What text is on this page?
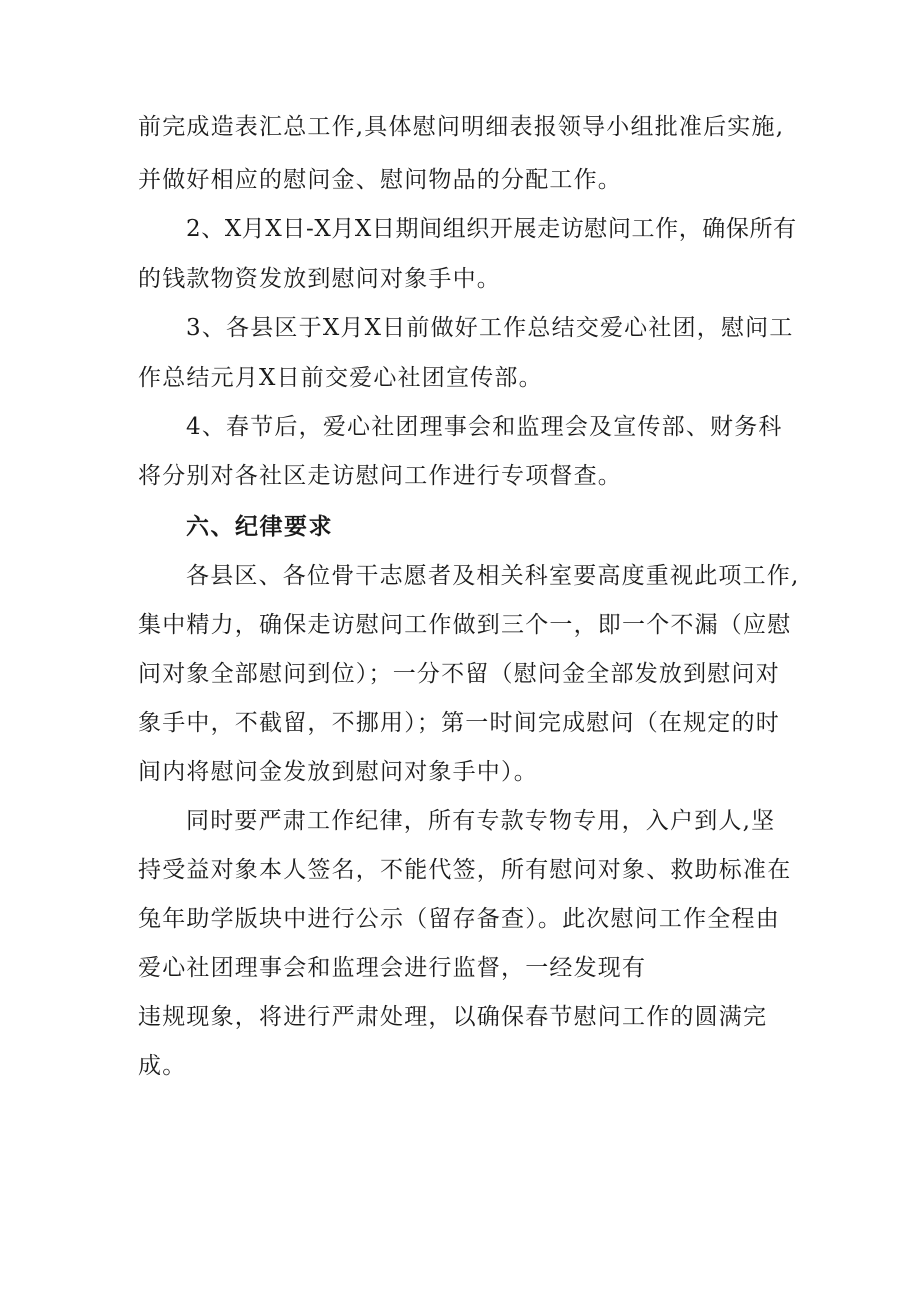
前完成造表汇总工作,具体慰问明细表报领导小组批准后实施,
并做好相应的慰问金、慰问物品的分配工作。
2、X月X日-X月X日期间组织开展走访慰问工作，确保所有
的钱款物资发放到慰问对象手中。
3、各县区于X月X日前做好工作总结交爱心社团，慰问工
作总结元月X日前交爱心社团宣传部。
4、春节后，爱心社团理事会和监理会及宣传部、财务科
将分别对各社区走访慰问工作进行专项督查。
六、纪律要求
各县区、各位骨干志愿者及相关科室要高度重视此项工作,
集中精力，确保走访慰问工作做到三个一，即一个不漏（应慰
问对象全部慰问到位）；一分不留（慰问金全部发放到慰问对
象手中，不截留，不挪用）；第一时间完成慰问（在规定的时
间内将慰问金发放到慰问对象手中）。
同时要严肃工作纪律，所有专款专物专用，入户到人,坚
持受益对象本人签名，不能代签，所有慰问对象、救助标准在
兔年助学版块中进行公示（留存备查）。此次慰问工作全程由
爱心社团理事会和监理会进行监督，一经发现有
违规现象，将进行严肃处理，以确保春节慰问工作的圆满完
成。
